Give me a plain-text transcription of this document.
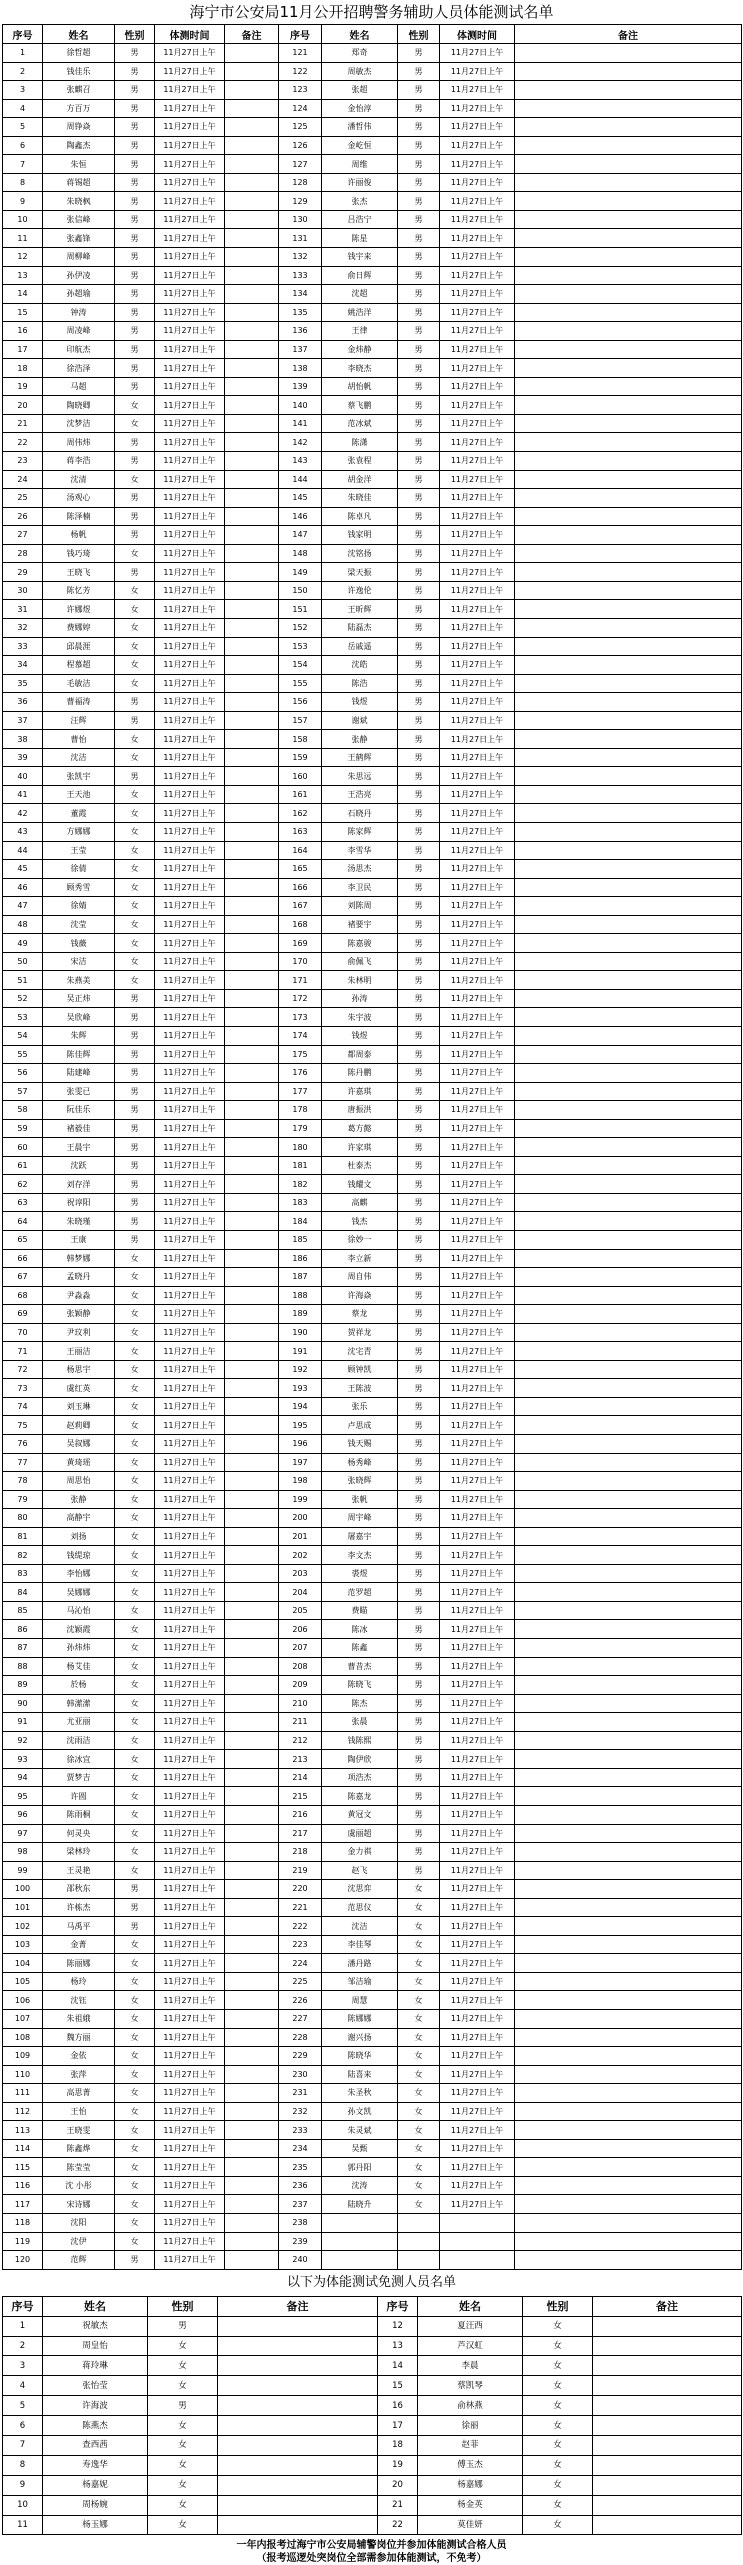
海宁市公安局11月公开招聘警务辅助人员体能测试名单
序号	姓名	性别	体测时间	备注	序号	姓名	性别	体测时间	备注
1	徐哲超	男	11月27日上午		121	郑奇	男	11月27日上午	
2	钱佳乐	男	11月27日上午		122	周敏杰	男	11月27日上午	
3	张麒召	男	11月27日上午		123	张超	男	11月27日上午	
4	方百万	男	11月27日上午		124	金怡淳	男	11月27日上午	
5	周铮焱	男	11月27日上午		125	潘哲伟	男	11月27日上午	
6	陶鑫杰	男	11月27日上午		126	金屹恒	男	11月27日上午	
7	朱恒	男	11月27日上午		127	周维	男	11月27日上午	
8	蒋锡超	男	11月27日上午		128	许丽俊	男	11月27日上午	
9	朱晓枫	男	11月27日上午		129	张杰	男	11月27日上午	
10	张信峰	男	11月27日上午		130	吕浩宁	男	11月27日上午	
11	张鑫锋	男	11月27日上午		131	陈星	男	11月27日上午	
12	周柳峰	男	11月27日上午		132	钱宇来	男	11月27日上午	
13	孙伊凌	男	11月27日上午		133	俞日辉	男	11月27日上午	
14	孙超瑜	男	11月27日上午		134	沈超	男	11月27日上午	
15	钟涛	男	11月27日上午		135	姚浩洋	男	11月27日上午	
16	周凌峰	男	11月27日上午		136	王律	男	11月27日上午	
17	印航杰	男	11月27日上午		137	金炜静	男	11月27日上午	
18	徐浩泽	男	11月27日上午		138	李晓杰	男	11月27日上午	
19	马超	男	11月27日上午		139	胡怡帆	男	11月27日上午	
20	陶晓卿	女	11月27日上午		140	蔡飞鹏	男	11月27日上午	
21	沈梦洁	女	11月27日上午		141	范冰斌	男	11月27日上午	
22	周伟炜	男	11月27日上午		142	陈潇	男	11月27日上午	
23	蒋李浩	男	11月27日上午		143	张袁程	男	11月27日上午	
24	沈清	女	11月27日上午		144	胡金洋	男	11月27日上午	
25	汤观心	男	11月27日上午		145	朱晓佳	男	11月27日上午	
26	陈泽楠	男	11月27日上午		146	陈卓凡	男	11月27日上午	
27	杨帆	男	11月27日上午		147	钱家明	男	11月27日上午	
28	钱巧琦	女	11月27日上午		148	沈铭扬	男	11月27日上午	
29	王晓飞	男	11月27日上午		149	梁天振	男	11月27日上午	
30	陈忆芳	女	11月27日上午		150	许逸伦	男	11月27日上午	
31	许娜煜	女	11月27日上午		151	王昕辉	男	11月27日上午	
32	费娜婷	女	11月27日上午		152	陆磊杰	男	11月27日上午	
33	邱晨涯	女	11月27日上午		153	岳戚遥	男	11月27日上午	
34	程慕超	女	11月27日上午		154	沈皓	男	11月27日上午	
35	毛敏洁	女	11月27日上午		155	陈浩	男	11月27日上午	
36	曹福涛	男	11月27日上午		156	钱煜	男	11月27日上午	
37	汪辉	男	11月27日上午		157	谢斌	男	11月27日上午	
38	曹怡	女	11月27日上午		158	张静	男	11月27日上午	
39	沈洁	女	11月27日上午		159	王鹤辉	男	11月27日上午	
40	张凯宇	男	11月27日上午		160	朱思远	男	11月27日上午	
41	王天池	女	11月27日上午		161	王浩亮	男	11月27日上午	
42	董霞	女	11月27日上午		162	石晓丹	男	11月27日上午	
43	方娜娜	女	11月27日上午		163	陈家辉	男	11月27日上午	
44	王莹	女	11月27日上午		164	李雪华	男	11月27日上午	
45	徐倩	女	11月27日上午		165	汤思杰	男	11月27日上午	
46	顾秀雪	女	11月27日上午		166	李卫民	男	11月27日上午	
47	徐婧	女	11月27日上午		167	刘陈周	男	11月27日上午	
48	沈莹	女	11月27日上午		168	褚要宇	男	11月27日上午	
49	钱薇	女	11月27日上午		169	陈嘉骏	男	11月27日上午	
50	宋洁	女	11月27日上午		170	俞佩飞	男	11月27日上午	
51	朱燕美	女	11月27日上午		171	朱林明	男	11月27日上午	
52	吴正炜	男	11月27日上午		172	孙涛	男	11月27日上午	
53	吴欣峰	男	11月27日上午		173	朱宇波	男	11月27日上午	
54	朱辉	男	11月27日上午		174	钱煜	男	11月27日上午	
55	陈佳辉	男	11月27日上午		175	都周泰	男	11月27日上午	
56	陆建峰	男	11月27日上午		176	陈丹鹏	男	11月27日上午	
57	张雯已	男	11月27日上午		177	许嘉琪	男	11月27日上午	
58	阮佳乐	男	11月27日上午		178	唐振洪	男	11月27日上午	
59	褚毅佳	男	11月27日上午		179	葛方懿	男	11月27日上午	
60	王晨宇	男	11月27日上午		180	许家琪	男	11月27日上午	
61	沈跃	男	11月27日上午		181	杜泰杰	男	11月27日上午	
62	刘存洋	男	11月27日上午		182	钱耀文	男	11月27日上午	
63	祝谆阳	男	11月27日上午		183	高麒	男	11月27日上午	
64	朱晓瑾	男	11月27日上午		184	钱杰	男	11月27日上午	
65	王康	男	11月27日上午		185	徐妙一	男	11月27日上午	
66	韩梦娜	女	11月27日上午		186	李立新	男	11月27日上午	
67	孟晓丹	女	11月27日上午		187	周自伟	男	11月27日上午	
68	尹淼淼	女	11月27日上午		188	许海焱	男	11月27日上午	
69	张颖静	女	11月27日上午		189	蔡龙	男	11月27日上午	
70	尹玟利	女	11月27日上午		190	贺祥龙	男	11月27日上午	
71	王丽洁	女	11月27日上午		191	沈宅青	男	11月27日上午	
72	杨思宇	女	11月27日上午		192	顾钟凯	男	11月27日上午	
73	虞红英	女	11月27日上午		193	王陈波	男	11月27日上午	
74	刘玉琳	女	11月27日上午		194	张乐	男	11月27日上午	
75	赵莉卿	女	11月27日上午		195	卢思成	男	11月27日上午	
76	吴叙娜	女	11月27日上午		196	钱天赐	男	11月27日上午	
77	黄琦瑶	女	11月27日上午		197	杨秀峰	男	11月27日上午	
78	周思怡	女	11月27日上午		198	张晓辉	男	11月27日上午	
79	张静	女	11月27日上午		199	张帆	男	11月27日上午	
80	高静宇	女	11月27日上午		200	周宇峰	男	11月27日上午	
81	刘扬	女	11月27日上午		201	屠嘉宇	男	11月27日上午	
82	钱缇琼	女	11月27日上午		202	李文杰	男	11月27日上午	
83	李怡娜	女	11月27日上午		203	裘煜	男	11月27日上午	
84	吴娜娜	女	11月27日上午		204	范罗超	男	11月27日上午	
85	马沁怡	女	11月27日上午		205	费瞄	男	11月27日上午	
86	沈颖霞	女	11月27日上午		206	陈冰	男	11月27日上午	
87	孙炜炜	女	11月27日上午		207	陈鑫	男	11月27日上午	
88	杨艾佳	女	11月27日上午		208	曹昔杰	男	11月27日上午	
89	於杨	女	11月27日上午		209	陈晓飞	男	11月27日上午	
90	韩潆潆	女	11月27日上午		210	陈杰	男	11月27日上午	
91	尤亚丽	女	11月27日上午		211	张晨	男	11月27日上午	
92	沈雨洁	女	11月27日上午		212	钱陈熙	男	11月27日上午	
93	徐冰宜	女	11月27日上午		213	陶伊欣	男	11月27日上午	
94	贾梦吉	女	11月27日上午		214	项浩杰	男	11月27日上午	
95	许圆	女	11月27日上午		215	陈嘉龙	男	11月27日上午	
96	陈雨桐	女	11月27日上午		216	黄冠文	男	11月27日上午	
97	何灵央	女	11月27日上午		217	虞丽超	男	11月27日上午	
98	梁林玲	女	11月27日上午		218	金力祺	男	11月27日上午	
99	王灵艳	女	11月27日上午		219	赵飞	男	11月27日上午	
100	邵秋东	男	11月27日上午		220	沈思弈	女	11月27日上午	
101	许栋杰	男	11月27日上午		221	范思仪	女	11月27日上午	
102	马禹平	男	11月27日上午		222	沈洁	女	11月27日上午	
103	金菁	女	11月27日上午		223	李佳琴	女	11月27日上午	
104	陈丽娜	女	11月27日上午		224	潘丹路	女	11月27日上午	
105	杨玲	女	11月27日上午		225	邹洁瑜	女	11月27日上午	
106	沈钰	女	11月27日上午		226	周慧	女	11月27日上午	
107	朱祖娥	女	11月27日上午		227	陈娜娜	女	11月27日上午	
108	魏方丽	女	11月27日上午		228	谢兴扬	女	11月27日上午	
109	金依	女	11月27日上午		229	陈晓华	女	11月27日上午	
110	张萍	女	11月27日上午		230	陆喜来	女	11月27日上午	
111	高思菁	女	11月27日上午		231	朱圣秋	女	11月27日上午	
112	王怡	女	11月27日上午		232	孙文凯	女	11月27日上午	
113	王晓雯	女	11月27日上午		233	朱灵斌	女	11月27日上午	
114	陈鑫烨	女	11月27日上午		234	吴甄	女	11月27日上午	
115	陈莹莹	女	11月27日上午		235	郭丹阳	女	11月27日上午	
116	沈 小彤	女	11月27日上午		236	沈涛	女	11月27日上午	
117	宋诗娜	女	11月27日上午		237	陆晓升	女	11月27日上午	
118	沈阳	女	11月27日上午		238				
119	沈伊	女	11月27日上午		239				
120	范辉	男	11月27日上午		240				
以下为体能测试免测人员名单
序号	姓名	性别	备注	序号	姓名	性别	备注
1	祝敏杰	男		12	夏汪西	女	
2	周皇怡	女		13	芦汉虹	女	
3	蒋玲琳	女		14	李晨	女	
4	张怡莹	女		15	蔡凯琴	女	
5	许海波	男		16	俞林燕	女	
6	陈燕杰	女		17	徐丽	女	
7	查西茜	女		18	赵菲	女	
8	寿逸华	女		19	傅玉杰	女	
9	杨嘉妮	女		20	杨嘉娜	女	
10	周杨婉	女		21	杨金英	女	
11	杨玉娜	女		22	莫佳妍	女	
一年内报考过海宁市公安局辅警岗位并参加体能测试合格人员
（报考巡逻处突岗位全部需参加体能测试，不免考）
